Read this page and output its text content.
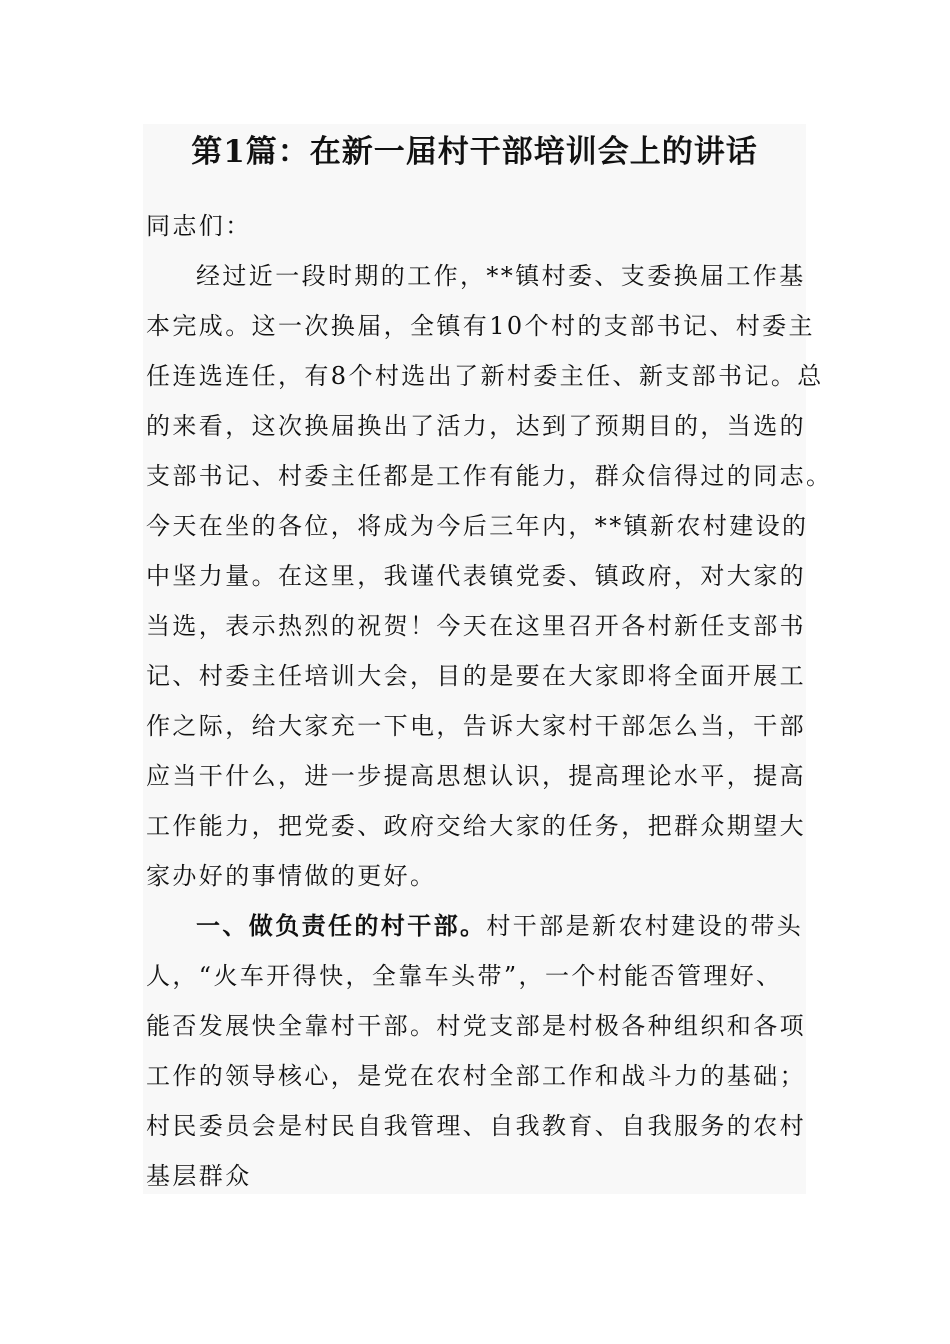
第1篇：在新一届村干部培训会上的讲话
同志们：
经过近一段时期的工作，**镇村委、支委换届工作基
本完成。这一次换届，全镇有10个村的支部书记、村委主
任连选连任，有8个村选出了新村委主任、新支部书记。总
的来看，这次换届换出了活力，达到了预期目的，当选的
支部书记、村委主任都是工作有能力，群众信得过的同志。
今天在坐的各位，将成为今后三年内，**镇新农村建设的
中坚力量。在这里，我谨代表镇党委、镇政府，对大家的
当选，表示热烈的祝贺！今天在这里召开各村新任支部书
记、村委主任培训大会，目的是要在大家即将全面开展工
作之际，给大家充一下电，告诉大家村干部怎么当，干部
应当干什么，进一步提高思想认识，提高理论水平，提高
工作能力，把党委、政府交给大家的任务，把群众期望大
家办好的事情做的更好。
一、做负责任的村干部。村干部是新农村建设的带头
人，“火车开得快，全靠车头带”，一个村能否管理好、
能否发展快全靠村干部。村党支部是村极各种组织和各项
工作的领导核心，是党在农村全部工作和战斗力的基础；
村民委员会是村民自我管理、自我教育、自我服务的农村
基层群众
